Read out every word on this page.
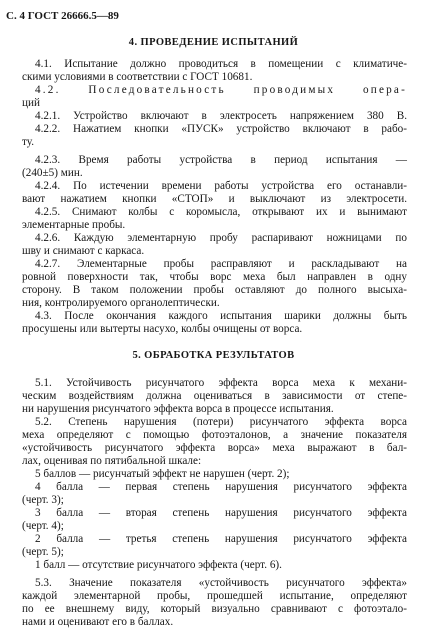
С. 4 ГОСТ 26666.5—89
4. ПРОВЕДЕНИЕ ИСПЫТАНИЙ
4.1. Испытание должно проводиться в помещении с климатиче-
скими условиями в соответствии с ГОСТ 10681.
4.2. Последовательность проводимых опера-
ций
4.2.1. Устройство включают в электросеть напряжением 380 В.
4.2.2. Нажатием кнопки «ПУСК» устройство включают в рабо-
ту.
4.2.3. Время работы устройства в период испытания —
(240±5) мин.
4.2.4. По истечении времени работы устройства его останавли-
вают нажатием кнопки «СТОП» и выключают из электросети.
4.2.5. Снимают колбы с коромысла, открывают их и вынимают
элементарные пробы.
4.2.6. Каждую элементарную пробу распаривают ножницами по
шву и снимают с каркаса.
4.2.7. Элементарные пробы расправляют и раскладывают на
ровной поверхности так, чтобы ворс меха был направлен в одну
сторону. В таком положении пробы оставляют до полного высыха-
ния, контролируемого органолептически.
4.3. После окончания каждого испытания шарики должны быть
просушены или вытерты насухо, колбы очищены от ворса.
5. ОБРАБОТКА РЕЗУЛЬТАТОВ
5.1. Устойчивость рисунчатого эффекта ворса меха к механи-
ческим воздействиям должна оцениваться в зависимости от степе-
ни нарушения рисунчатого эффекта ворса в процессе испытания.
5.2. Степень нарушения (потери) рисунчатого эффекта ворса
меха определяют с помощью фотоэталонов, а значение показателя
«устойчивость рисунчатого эффекта ворса» меха выражают в бал-
лах, оценивая по пятибальной шкале:
5 баллов — рисунчатый эффект не нарушен (черт. 2);
4 балла — первая степень нарушения рисунчатого эффекта
(черт. 3);
3 балла — вторая степень нарушения рисунчатого эффекта
(черт. 4);
2 балла — третья степень нарушения рисунчатого эффекта
(черт. 5);
1 балл — отсутствие рисунчатого эффекта (черт. 6).
5.3. Значение показателя «устойчивость рисунчатого эффекта»
каждой элементарной пробы, прошедшей испытание, определяют
по ее внешнему виду, который визуально сравнивают с фотоэтало-
нами и оценивают его в баллах.
